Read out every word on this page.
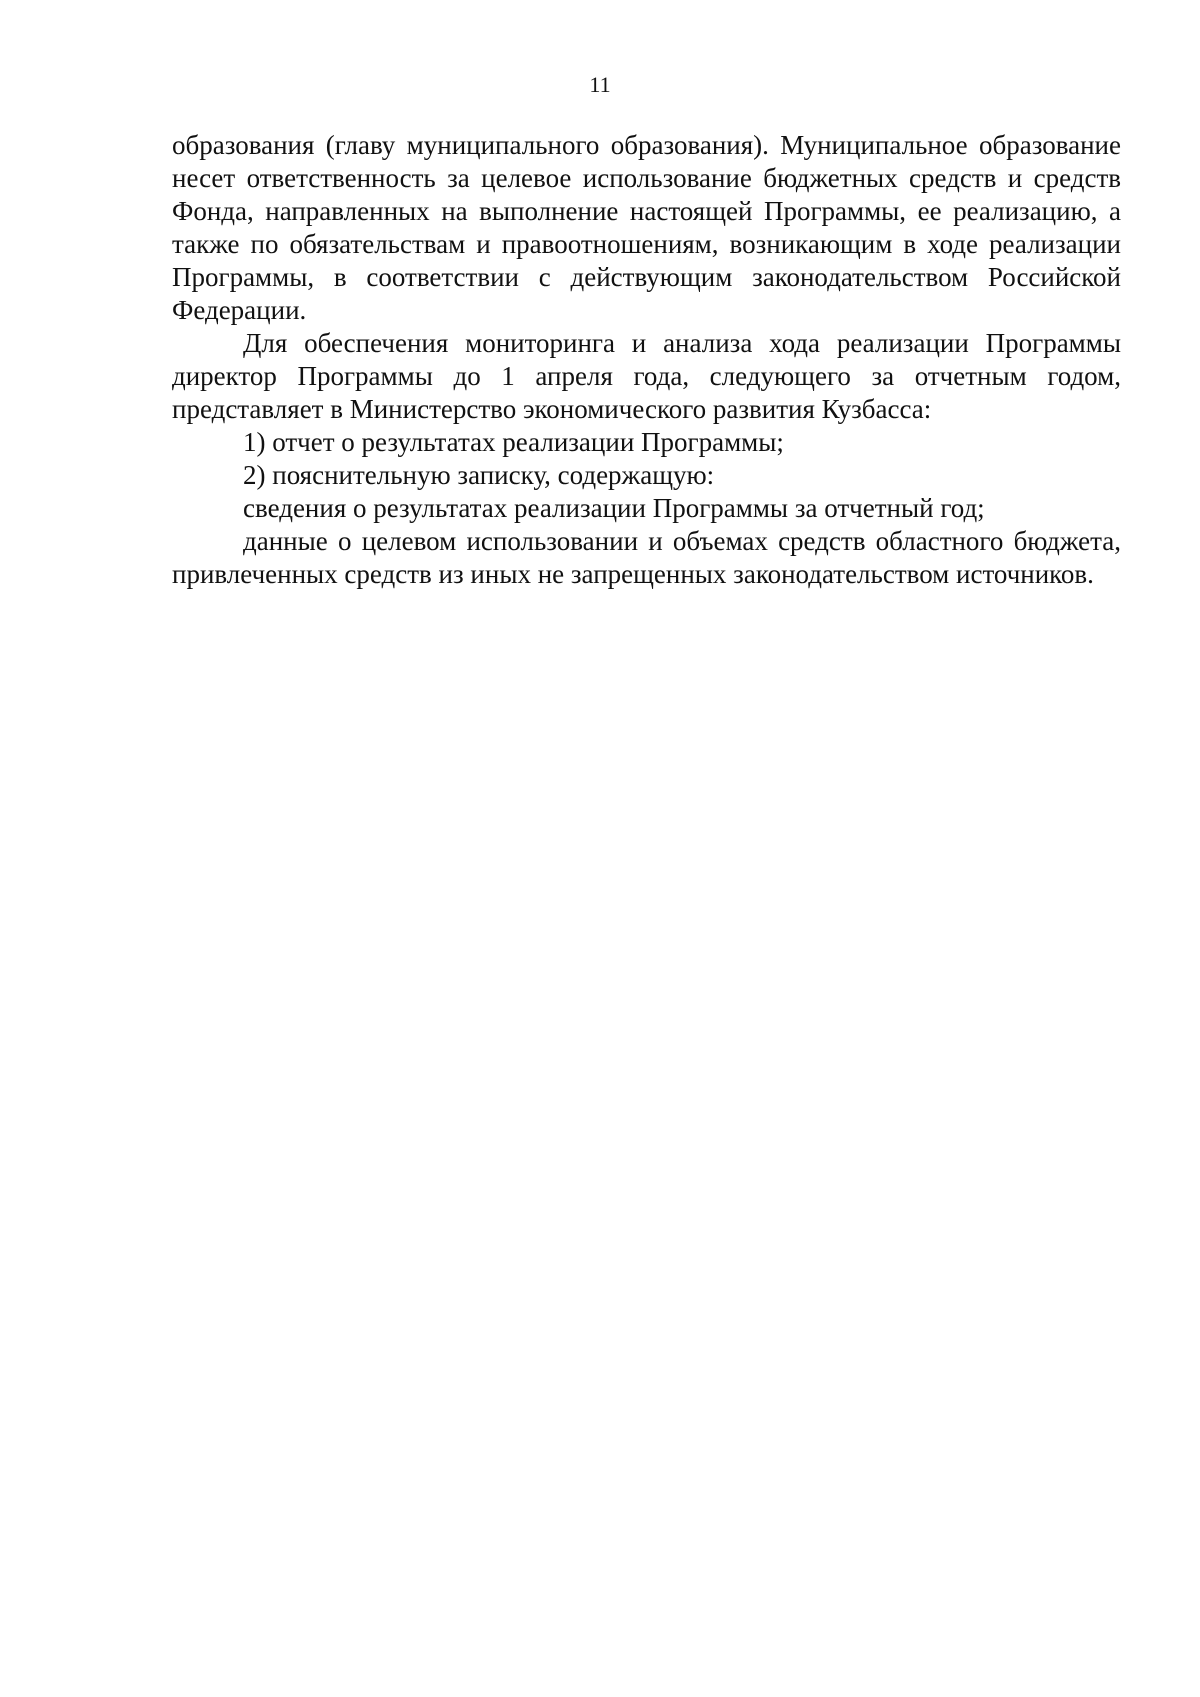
11

образования (главу муниципального образования). Муниципальное образование несет ответственность за целевое использование бюджетных средств и средств Фонда, направленных на выполнение настоящей Программы, ее реализацию, а также по обязательствам и правоотношениям, возникающим в ходе реализации Программы, в соответствии с действующим законодательством Российской Федерации.

Для обеспечения мониторинга и анализа хода реализации Программы директор Программы до 1 апреля года, следующего за отчетным годом, представляет в Министерство экономического развития Кузбасса:

1) отчет о результатах реализации Программы;

2) пояснительную записку, содержащую:

сведения о результатах реализации Программы за отчетный год;

данные о целевом использовании и объемах средств областного бюджета, привлеченных средств из иных не запрещенных законодательством источников.
